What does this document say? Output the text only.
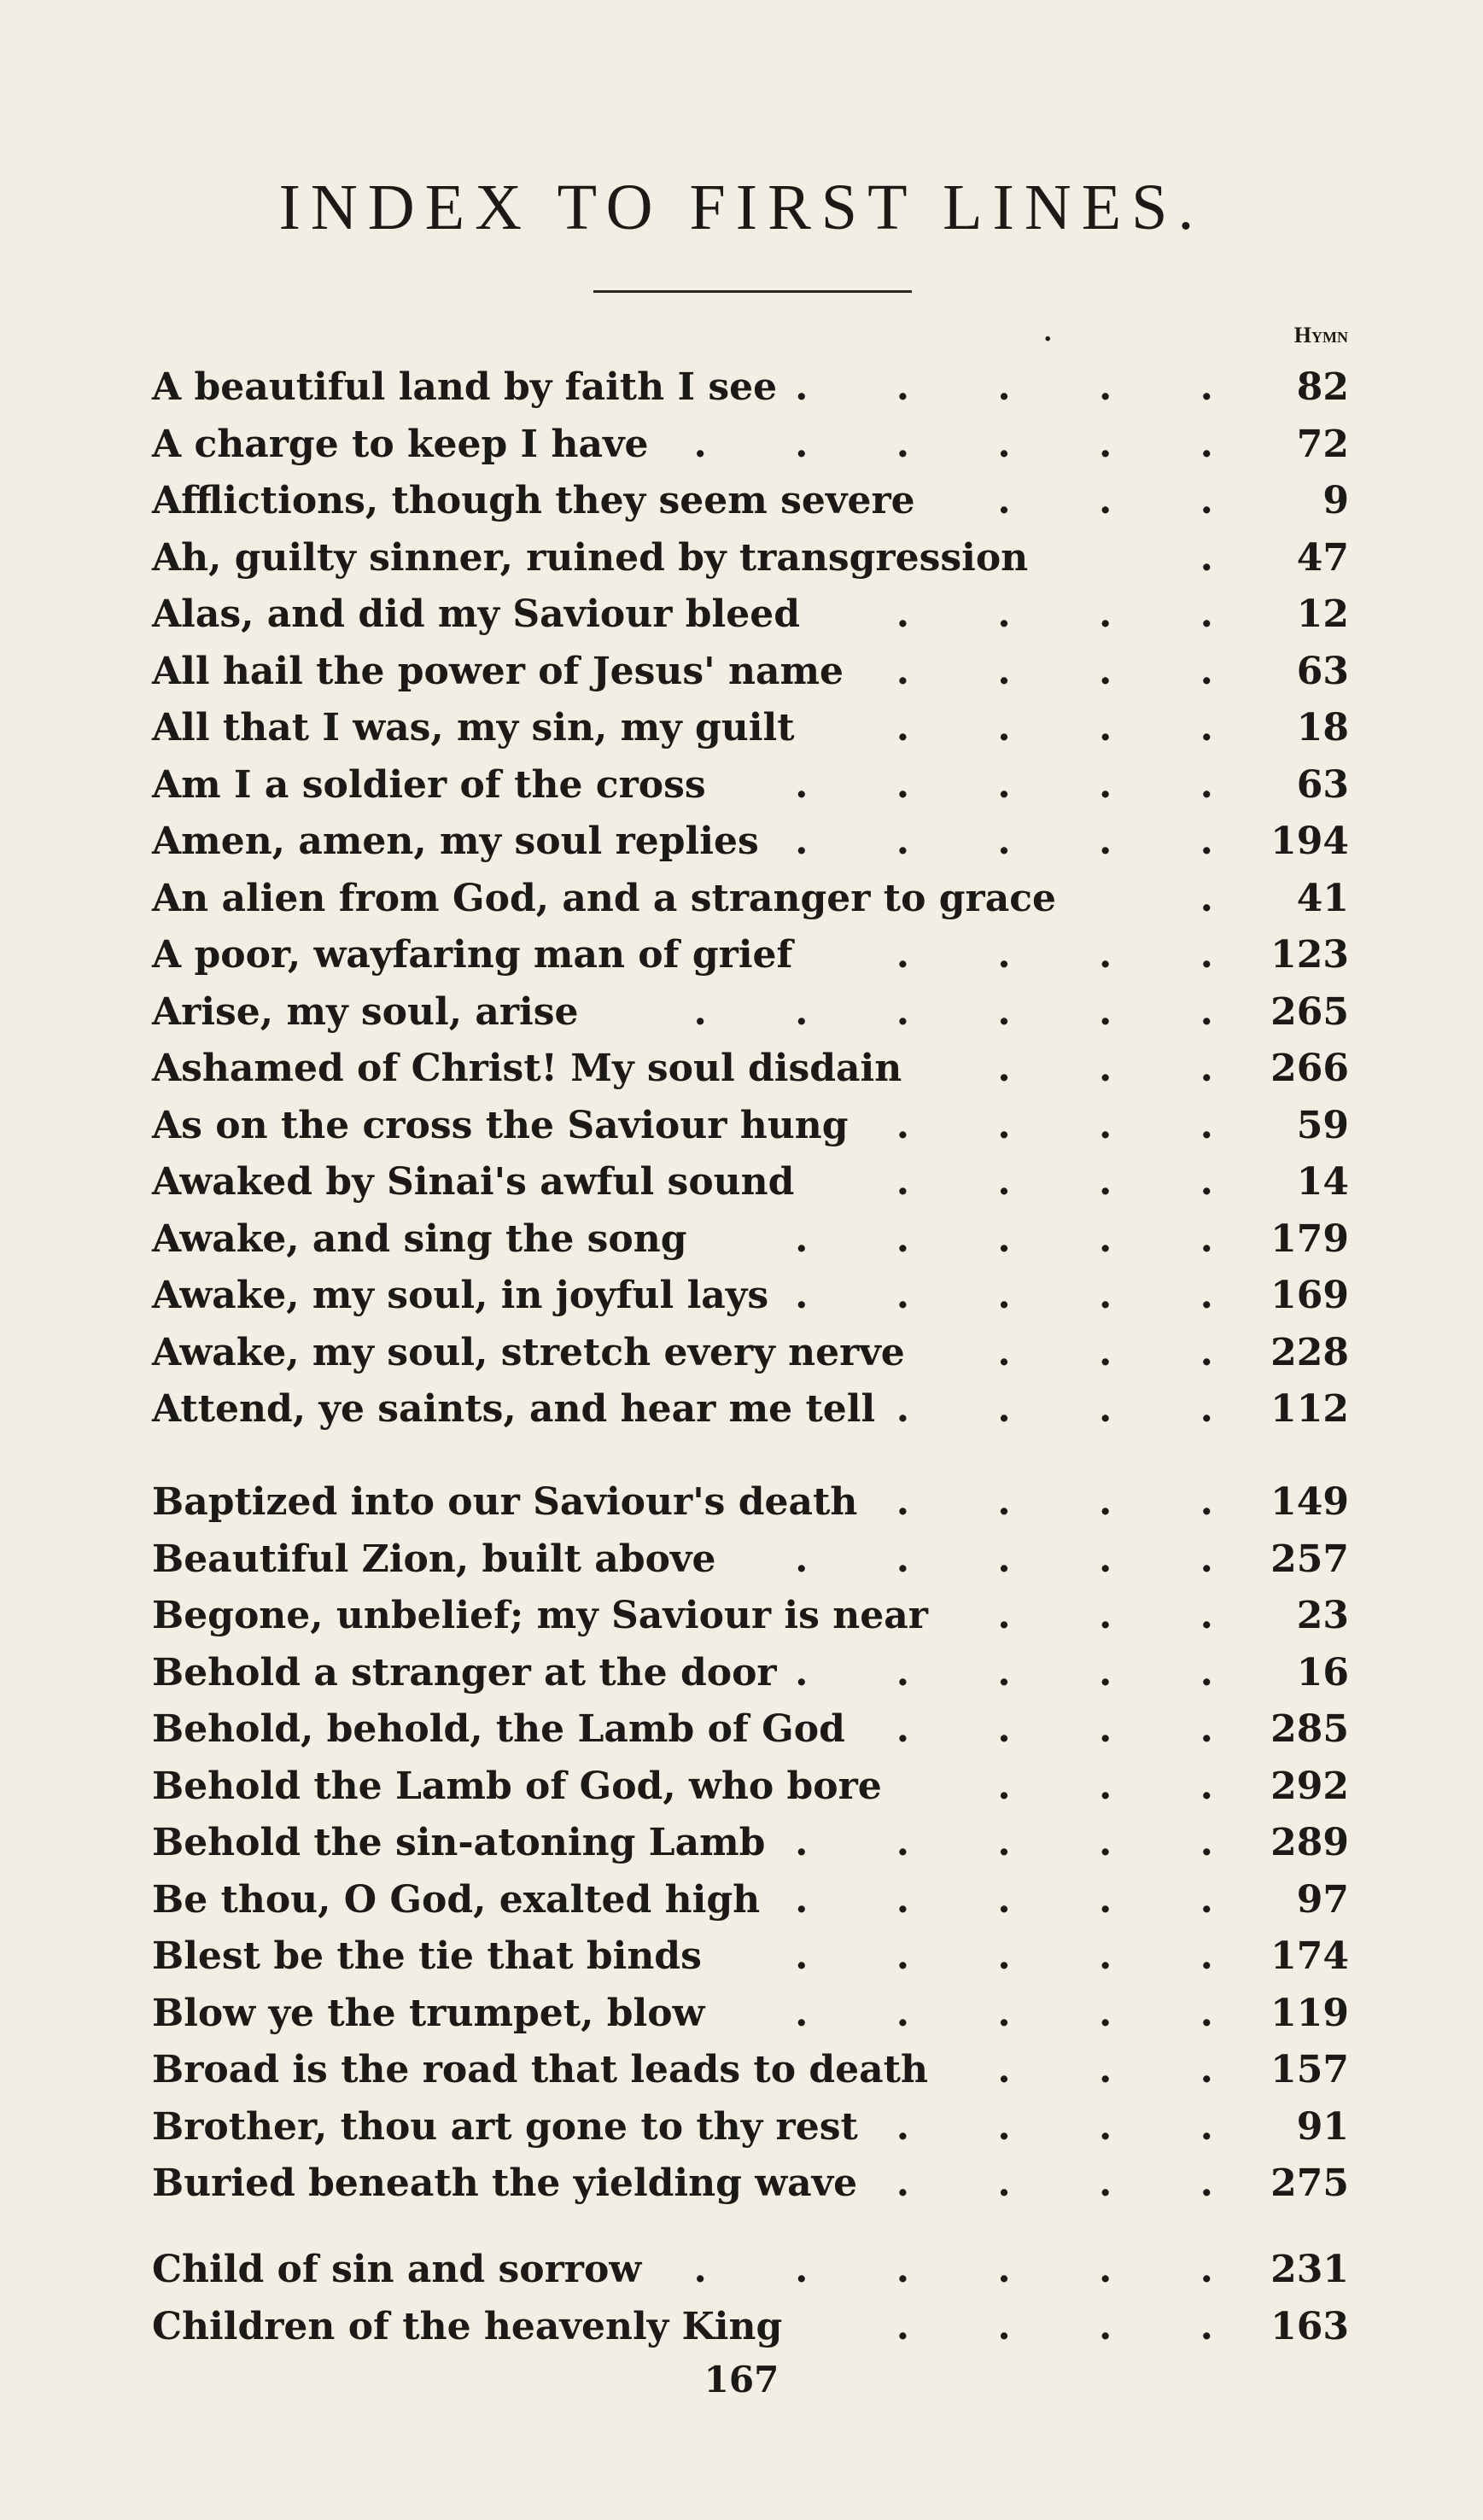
INDEX TO FIRST LINES.
.	Hymn
A beautiful land by faith I see . . . . . 82
A charge to keep I have . . . . . . 72
Afflictions, though they seem severe . . . 9
Ah, guilty sinner, ruined by transgression	. 47
Alas, and did my Saviour bleed	. . . . 12
All hail the power of Jesus' name . . . . 63
All that I was, my sin, my guilt	. . . . 18
Am I a soldier of the cross . . . . . 63
Amen, amen, my soul replies . . . . . 194
An alien from God, and a stranger to grace	. 41
A poor, wayfaring man of grief	. . . . 123
Arise, my soul, arise	. . . . . . 265
Ashamed of Christ! My soul disdain	. . . 266
As on the cross the Saviour hung . . . . 59
Awaked by Sinai's awful sound	. . . . 14
Awake, and sing the song	. . . . . 179
Awake, my soul, in joyful lays . . . . . 169
Awake, my soul, stretch every nerve . . . 228
Attend, ye saints, and hear me tell . . . . 112
Baptized into our Saviour's death . . . . 149
Beautiful Zion, built above . . . . . 257
Begone, unbelief; my Saviour is near . . . 23
Behold a stranger at the door . . . . . 16
Behold, behold, the Lamb of God . . . . 285
Behold the Lamb of God, who bore	. . . 292
Behold the sin-atoning Lamb . . . . . 289
Be thou, O God, exalted high . . . . . 97
Blest be the tie that binds . . . . . 174
Blow ye the trumpet, blow . . . . . 119
Broad is the road that leads to death . . . 157
Brother, thou art gone to thy rest . . . . 91
Buried beneath the yielding wave . . . . 275
Child of sin and sorrow . . . . . . 231
Children of the heavenly King	. . . . 163
167
